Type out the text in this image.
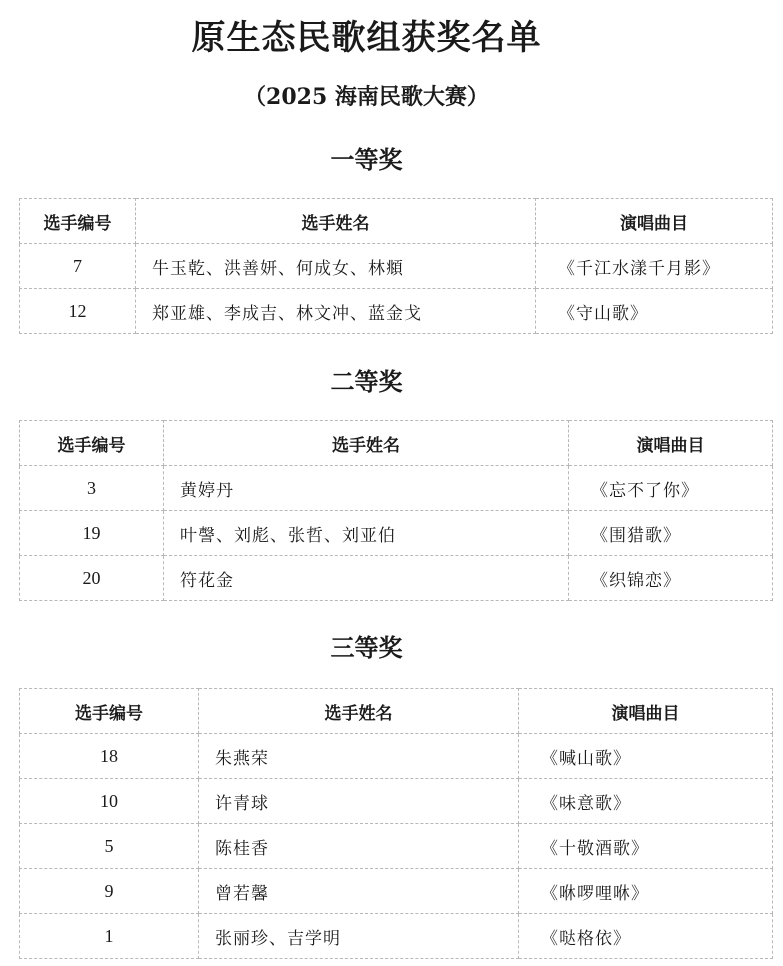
原生态民歌组获奖名单
（2025 海南民歌大赛）
一等奖
选手编号	选手姓名	演唱曲目
7	牛玉乾、洪善妍、何成女、林頫	《千江水漾千月影》
12	郑亚雄、李成吉、林文冲、蓝金戈	《守山歌》
二等奖
选手编号	选手姓名	演唱曲目
3	黄婷丹	《忘不了你》
19	叶謦、刘彪、张哲、刘亚伯	《围猎歌》
20	符花金	《织锦恋》
三等奖
选手编号	选手姓名	演唱曲目
18	朱燕荣	《喊山歌》
10	许青球	《味意歌》
5	陈桂香	《十敬酒歌》
9	曾若馨	《咻啰哩咻》
1	张丽珍、吉学明	《哒格依》
